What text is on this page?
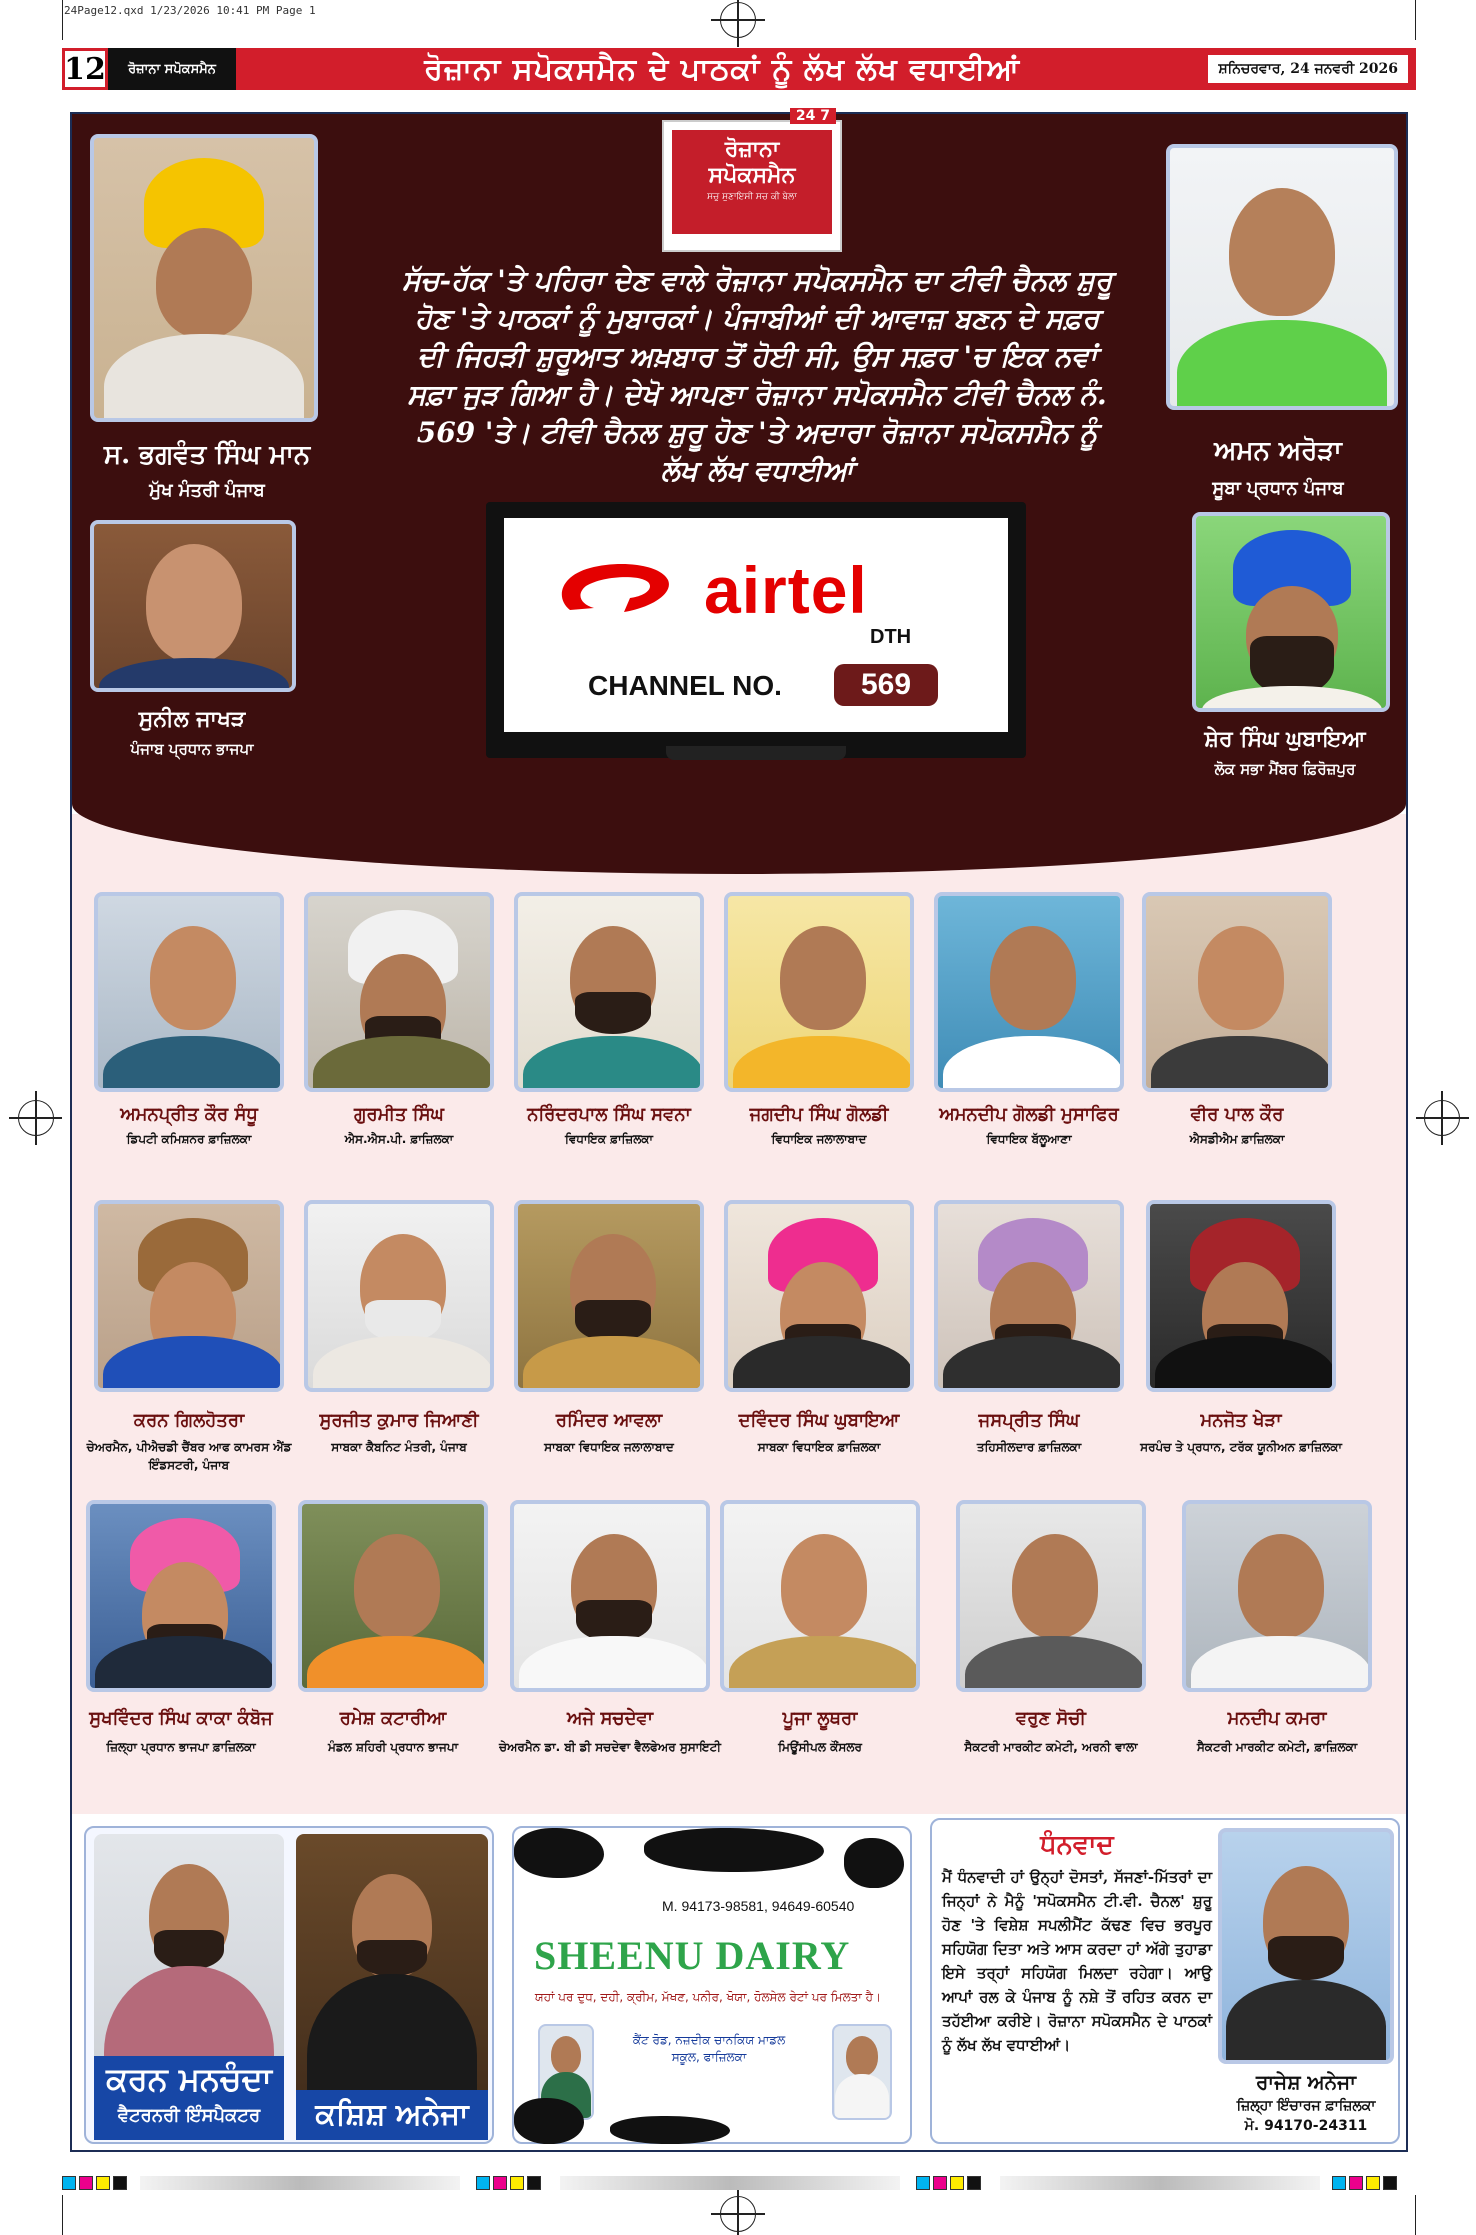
24Page12.qxd 1/23/2026 10:41 PM Page 1
12	ਰੋਜ਼ਾਨਾ ਸਪੋਕਸਮੈਨ	ਰੋਜ਼ਾਨਾ ਸਪੋਕਸਮੈਨ ਦੇ ਪਾਠਕਾਂ ਨੂੰ ਲੱਖ ਲੱਖ ਵਧਾਈਆਂ	ਸ਼ਨਿਚਰਵਾਰ, 24 ਜਨਵਰੀ 2026
24 7
ਰੋਜ਼ਾਨਾ
ਸਪੋਕਸਮੈਨ
ਸਚੁ ਸੁਣਾਇਸੀ ਸਚ ਕੀ ਬੇਲਾ
ਸੱਚ-ਹੱਕ 'ਤੇ ਪਹਿਰਾ ਦੇਣ ਵਾਲੇ ਰੋਜ਼ਾਨਾ ਸਪੋਕਸਮੈਨ ਦਾ ਟੀਵੀ ਚੈਨਲ ਸ਼ੁਰੂ ਹੋਣ 'ਤੇ ਪਾਠਕਾਂ ਨੂੰ ਮੁਬਾਰਕਾਂ। ਪੰਜਾਬੀਆਂ ਦੀ ਆਵਾਜ਼ ਬਣਨ ਦੇ ਸਫ਼ਰ ਦੀ ਜਿਹੜੀ ਸ਼ੁਰੂਆਤ ਅਖ਼ਬਾਰ ਤੋਂ ਹੋਈ ਸੀ, ਉਸ ਸਫ਼ਰ 'ਚ ਇਕ ਨਵਾਂ ਸਫ਼ਾ ਜੁੜ ਗਿਆ ਹੈ। ਦੇਖੋ ਆਪਣਾ ਰੋਜ਼ਾਨਾ ਸਪੋਕਸਮੈਨ ਟੀਵੀ ਚੈਨਲ ਨੰ. 569 'ਤੇ। ਟੀਵੀ ਚੈਨਲ ਸ਼ੁਰੂ ਹੋਣ 'ਤੇ ਅਦਾਰਾ ਰੋਜ਼ਾਨਾ ਸਪੋਕਸਮੈਨ ਨੂੰ ਲੱਖ ਲੱਖ ਵਧਾਈਆਂ
ਸ. ਭਗਵੰਤ ਸਿੰਘ ਮਾਨ
ਮੁੱਖ ਮੰਤਰੀ ਪੰਜਾਬ
ਅਮਨ ਅਰੋੜਾ
ਸੂਬਾ ਪ੍ਰਧਾਨ ਪੰਜਾਬ
ਸੁਨੀਲ ਜਾਖੜ
ਪੰਜਾਬ ਪ੍ਰਧਾਨ ਭਾਜਪਾ	ਸ਼ੇਰ ਸਿੰਘ ਘੁਬਾਇਆ
ਲੋਕ ਸਭਾ ਮੈਂਬਰ ਫ਼ਿਰੋਜ਼ਪੁਰ
airtel
DTH
CHANNEL NO.	569
ਅਮਨਪ੍ਰੀਤ ਕੌਰ ਸੰਧੂ
ਡਿਪਟੀ ਕਮਿਸ਼ਨਰ ਫ਼ਾਜ਼ਿਲਕਾ
ਗੁਰਮੀਤ ਸਿੰਘ
ਐਸ.ਐਸ.ਪੀ. ਫ਼ਾਜ਼ਿਲਕਾ
ਨਰਿੰਦਰਪਾਲ ਸਿੰਘ ਸਵਨਾ
ਵਿਧਾਇਕ ਫ਼ਾਜ਼ਿਲਕਾ
ਜਗਦੀਪ ਸਿੰਘ ਗੋਲਡੀ
ਵਿਧਾਇਕ ਜਲਾਲਾਬਾਦ
ਅਮਨਦੀਪ ਗੋਲਡੀ ਮੁਸਾਫਿਰ
ਵਿਧਾਇਕ ਬੱਲੂਆਣਾ
ਵੀਰ ਪਾਲ ਕੌਰ
ਐਸਡੀਐਮ ਫ਼ਾਜ਼ਿਲਕਾ
ਕਰਨ ਗਿਲਹੋਤਰਾ
ਚੇਅਰਮੈਨ, ਪੀਐਚਡੀ ਚੈਂਬਰ ਆਫ ਕਾਮਰਸ ਐਂਡ ਇੰਡਸਟਰੀ, ਪੰਜਾਬ
ਸੁਰਜੀਤ ਕੁਮਾਰ ਜਿਆਣੀ
ਸਾਬਕਾ ਕੈਬਨਿਟ ਮੰਤਰੀ, ਪੰਜਾਬ
ਰਮਿੰਦਰ ਆਵਲਾ
ਸਾਬਕਾ ਵਿਧਾਇਕ ਜਲਾਲਾਬਾਦ
ਦਵਿੰਦਰ ਸਿੰਘ ਘੁਬਾਇਆ
ਸਾਬਕਾ ਵਿਧਾਇਕ ਫ਼ਾਜ਼ਿਲਕਾ
ਜਸਪ੍ਰੀਤ ਸਿੰਘ
ਤਹਿਸੀਲਦਾਰ ਫ਼ਾਜ਼ਿਲਕਾ
ਮਨਜੋਤ ਖੇੜਾ
ਸਰਪੰਚ ਤੇ ਪ੍ਰਧਾਨ, ਟਰੱਕ ਯੂਨੀਅਨ ਫ਼ਾਜ਼ਿਲਕਾ
ਸੁਖਵਿੰਦਰ ਸਿੰਘ ਕਾਕਾ ਕੰਬੋਜ
ਜ਼ਿਲ੍ਹਾ ਪ੍ਰਧਾਨ ਭਾਜਪਾ ਫ਼ਾਜ਼ਿਲਕਾ
ਰਮੇਸ਼ ਕਟਾਰੀਆ
ਮੰਡਲ ਸ਼ਹਿਰੀ ਪ੍ਰਧਾਨ ਭਾਜਪਾ
ਅਜੇ ਸਚਦੇਵਾ
ਚੇਅਰਮੈਨ ਡਾ. ਬੀ ਡੀ ਸਚਦੇਵਾ ਵੈਲਫੇਅਰ ਸੁਸਾਇਟੀ
ਪੂਜਾ ਲੂਥਰਾ
ਮਿਊਂਸੀਪਲ ਕੌਂਸਲਰ
ਵਰੁਣ ਸੋਚੀ
ਸੈਕਟਰੀ ਮਾਰਕੀਟ ਕਮੇਟੀ, ਅਰਨੀ ਵਾਲਾ
ਮਨਦੀਪ ਕਮਰਾ
ਸੈਕਟਰੀ ਮਾਰਕੀਟ ਕਮੇਟੀ, ਫ਼ਾਜ਼ਿਲਕਾ
ਕਰਨ ਮਨਚੰਦਾ
ਵੈਟਰਨਰੀ ਇੰਸਪੈਕਟਰ	ਕਸ਼ਿਸ਼ ਅਨੇਜਾ
M. 94173-98581, 94649-60540
SHEENU DAIRY
ਯਹਾਂ ਪਰ ਦੁਧ, ਦਹੀ, ਕ੍ਰੀਮ, ਮੱਖਣ, ਪਨੀਰ, ਖੋਯਾ, ਹੋਲਸੇਲ ਰੇਟਾਂ ਪਰ ਮਿਲਤਾ ਹੈ।
ਕੈਂਟ ਰੋਡ, ਨਜ਼ਦੀਕ ਚਾਨਕਿਯ ਮਾਡਲ ਸਕੂਲ, ਫਾਜ਼ਿਲਕਾ
ਧੰਨਵਾਦ
ਮੈਂ ਧੰਨਵਾਦੀ ਹਾਂ ਉਨ੍ਹਾਂ ਦੋਸਤਾਂ, ਸੱਜਣਾਂ-ਮਿੱਤਰਾਂ ਦਾ ਜਿਨ੍ਹਾਂ ਨੇ ਮੈਨੂੰ 'ਸਪੋਕਸਮੈਨ ਟੀ.ਵੀ. ਚੈਨਲ' ਸ਼ੁਰੂ ਹੋਣ 'ਤੇ ਵਿਸ਼ੇਸ਼ ਸਪਲੀਮੈਂਟ ਕੱਢਣ ਵਿਚ ਭਰਪੂਰ ਸਹਿਯੋਗ ਦਿਤਾ ਅਤੇ ਆਸ ਕਰਦਾ ਹਾਂ ਅੱਗੇ ਤੁਹਾਡਾ ਇਸੇ ਤਰ੍ਹਾਂ ਸਹਿਯੋਗ ਮਿਲਦਾ ਰਹੇਗਾ। ਆਉ ਆਪਾਂ ਰਲ ਕੇ ਪੰਜਾਬ ਨੂੰ ਨਸ਼ੇ ਤੋਂ ਰਹਿਤ ਕਰਨ ਦਾ ਤਹੱਈਆ ਕਰੀਏ। ਰੋਜ਼ਾਨਾ ਸਪੋਕਸਮੈਨ ਦੇ ਪਾਠਕਾਂ ਨੂੰ ਲੱਖ ਲੱਖ ਵਧਾਈਆਂ।
ਰਾਜੇਸ਼ ਅਨੇਜਾ
ਜ਼ਿਲ੍ਹਾ ਇੰਚਾਰਜ ਫ਼ਾਜ਼ਿਲਕਾ
ਮੋ. 94170-24311
